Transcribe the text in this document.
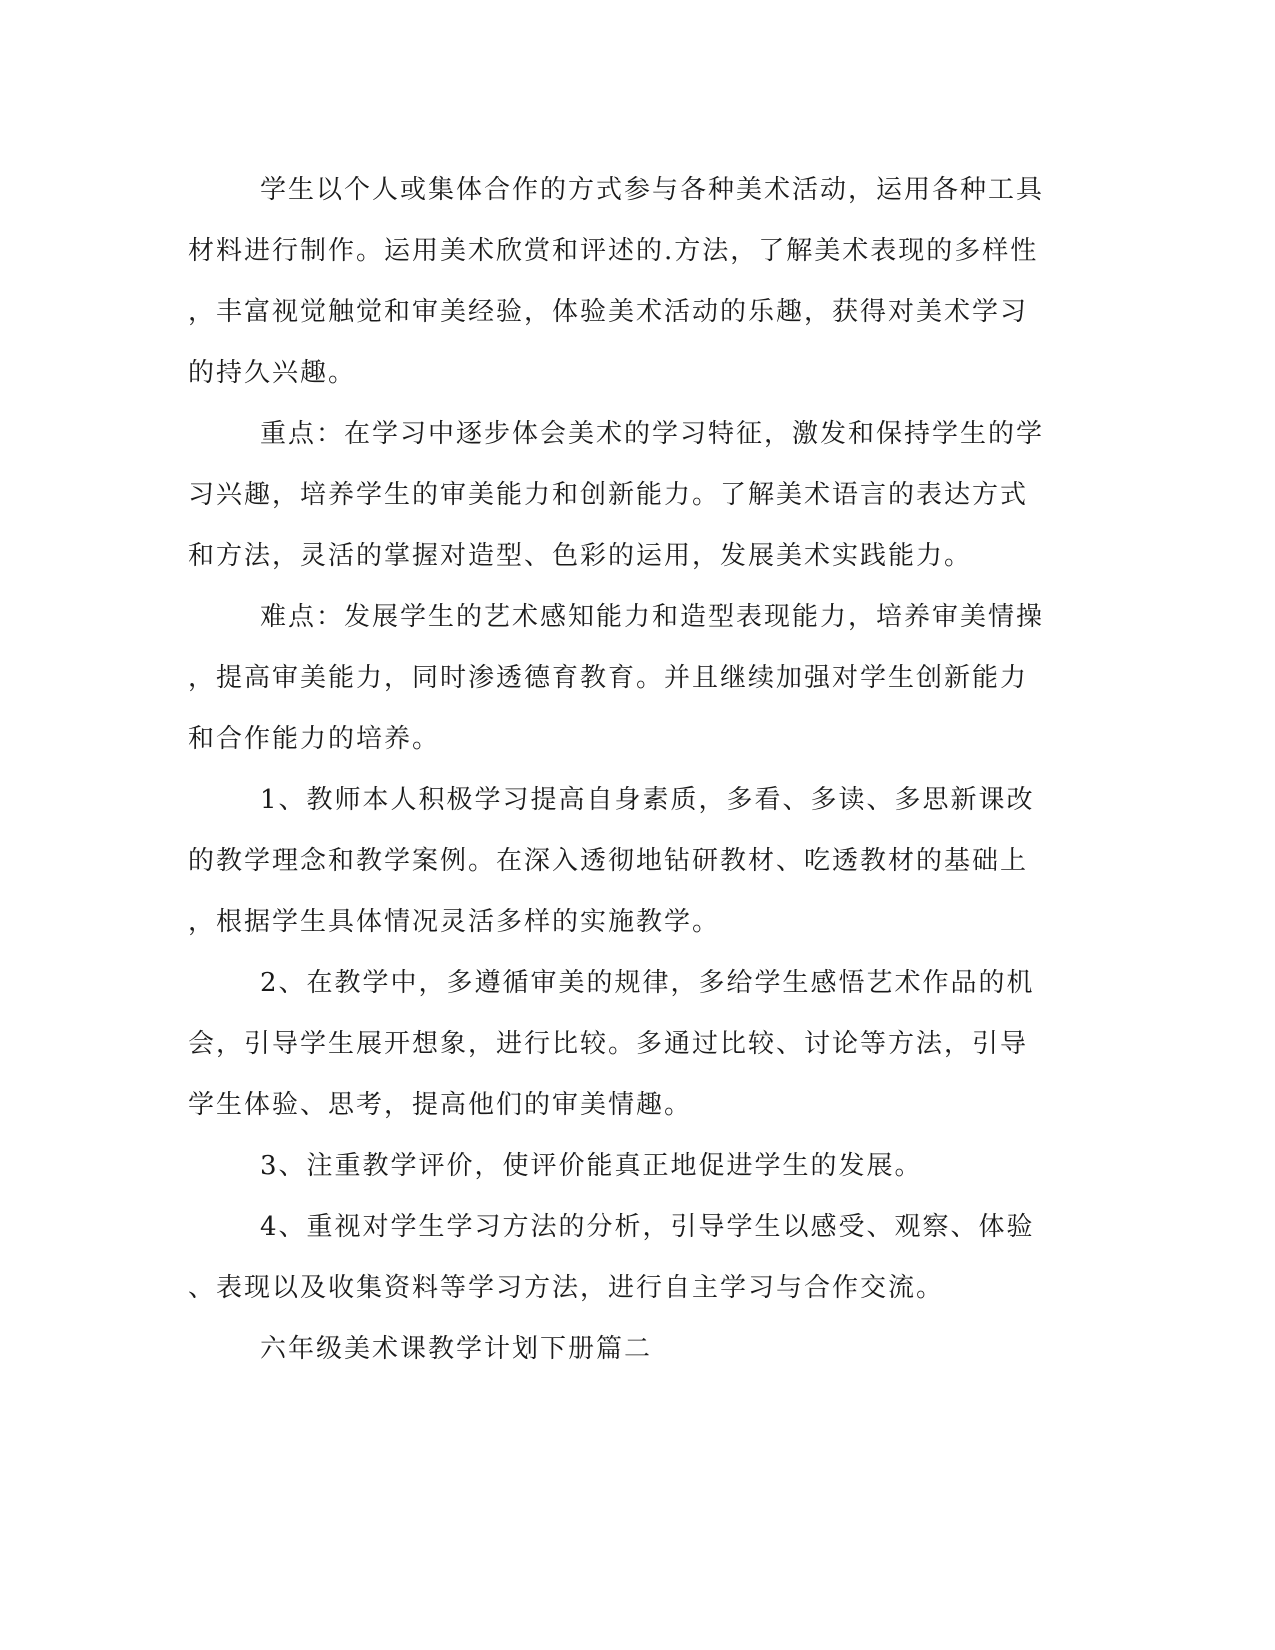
学生以个人或集体合作的方式参与各种美术活动，运用各种工具
材料进行制作。运用美术欣赏和评述的.方法，了解美术表现的多样性
，丰富视觉触觉和审美经验，体验美术活动的乐趣，获得对美术学习
的持久兴趣。
重点：在学习中逐步体会美术的学习特征，激发和保持学生的学
习兴趣，培养学生的审美能力和创新能力。了解美术语言的表达方式
和方法，灵活的掌握对造型、色彩的运用，发展美术实践能力。
难点：发展学生的艺术感知能力和造型表现能力，培养审美情操
，提高审美能力，同时渗透德育教育。并且继续加强对学生创新能力
和合作能力的培养。
1、教师本人积极学习提高自身素质，多看、多读、多思新课改
的教学理念和教学案例。在深入透彻地钻研教材、吃透教材的基础上
，根据学生具体情况灵活多样的实施教学。
2、在教学中，多遵循审美的规律，多给学生感悟艺术作品的机
会，引导学生展开想象，进行比较。多通过比较、讨论等方法，引导
学生体验、思考，提高他们的审美情趣。
3、注重教学评价，使评价能真正地促进学生的发展。
4、重视对学生学习方法的分析，引导学生以感受、观察、体验
、表现以及收集资料等学习方法，进行自主学习与合作交流。
六年级美术课教学计划下册篇二
